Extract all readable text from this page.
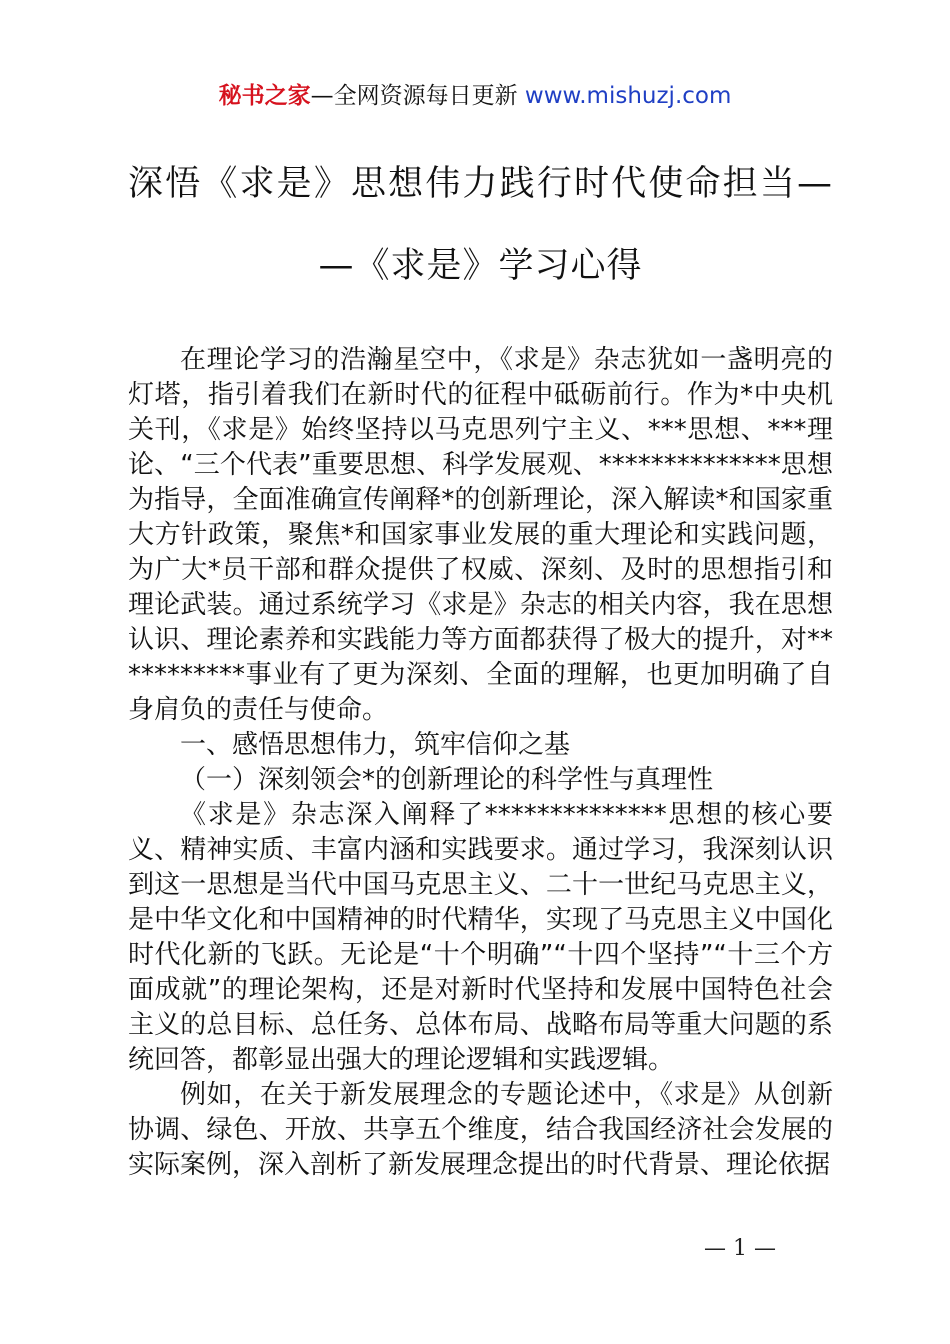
秘书之家—全网资源每日更新 www.mishuzj.com
深悟《求是》思想伟力践行时代使命担当—
—《求是》学习心得

在理论学习的浩瀚星空中，《求是》杂志犹如一盏明亮的灯塔，指引着我们在新时代的征程中砥砺前行。作为*中央机关刊，《求是》始终坚持以马克思列宁主义、***思想、***理论、“三个代表”重要思想、科学发展观、**************思想为指导，全面准确宣传阐释*的创新理论，深入解读*和国家重大方针政策，聚焦*和国家事业发展的重大理论和实践问题，为广大*员干部和群众提供了权威、深刻、及时的思想指引和理论武装。通过系统学习《求是》杂志的相关内容，我在思想认识、理论素养和实践能力等方面都获得了极大的提升，对***********事业有了更为深刻、全面的理解，也更加明确了自身肩负的责任与使命。

一、感悟思想伟力，筑牢信仰之基

（一）深刻领会*的创新理论的科学性与真理性

《求是》杂志深入阐释了**************思想的核心要义、精神实质、丰富内涵和实践要求。通过学习，我深刻认识到这一思想是当代中国马克思主义、二十一世纪马克思主义，是中华文化和中国精神的时代精华，实现了马克思主义中国化时代化新的飞跃。无论是“十个明确”“十四个坚持”“十三个方面成就”的理论架构，还是对新时代坚持和发展中国特色社会主义的总目标、总任务、总体布局、战略布局等重大问题的系统回答，都彰显出强大的理论逻辑和实践逻辑。

例如，在关于新发展理念的专题论述中，《求是》从创新协调、绿色、开放、共享五个维度，结合我国经济社会发展的实际案例，深入剖析了新发展理念提出的时代背景、理论依据

— 1 —
